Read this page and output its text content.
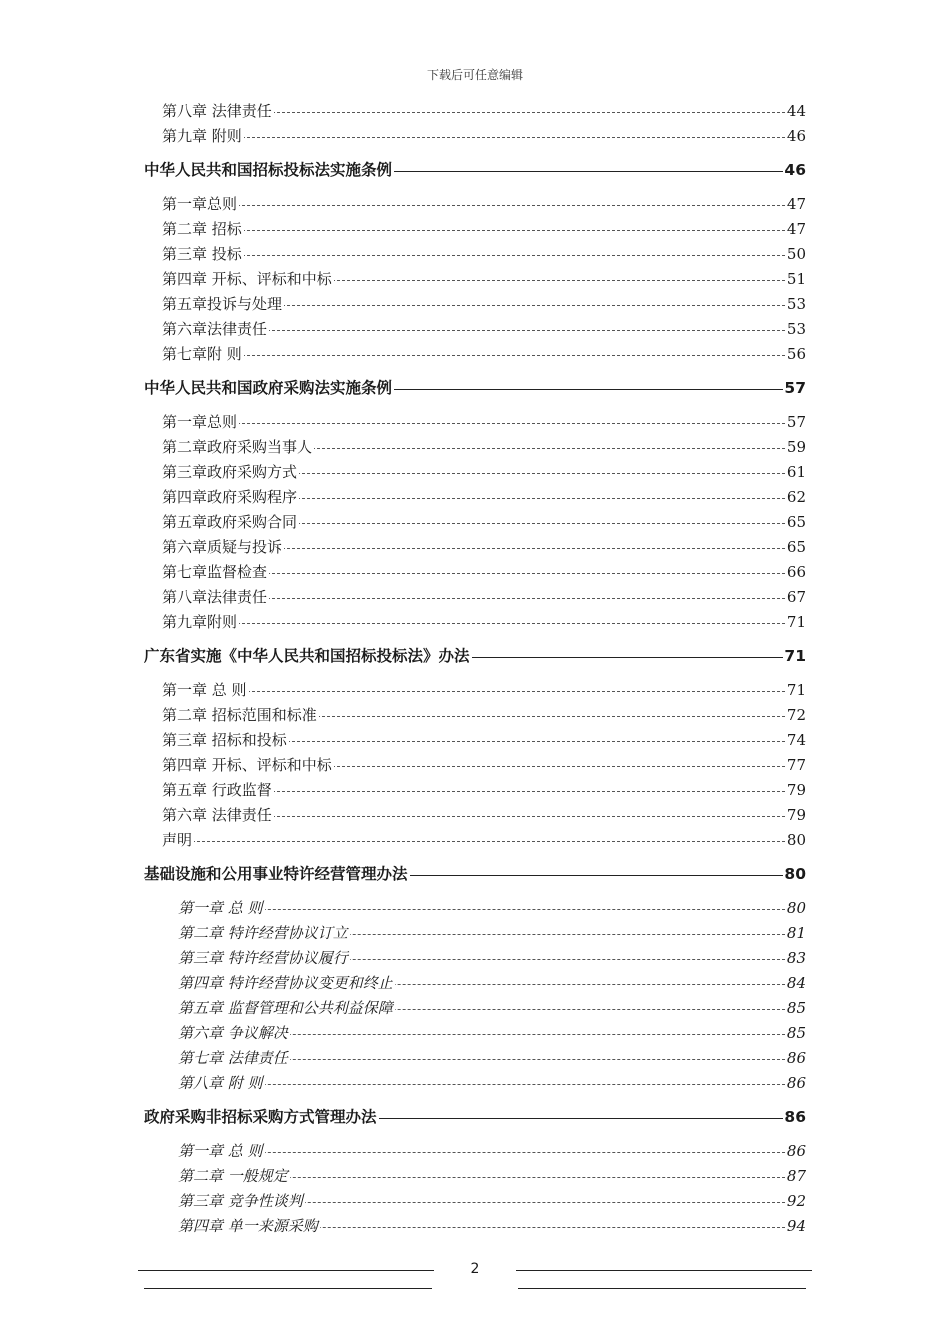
下载后可任意编辑
第八章 法律责任	44
第九章 附则	46
中华人民共和国招标投标法实施条例	46
第一章总则	47
第二章 招标	47
第三章 投标	50
第四章 开标、评标和中标	51
第五章投诉与处理	53
第六章法律责任	53
第七章附 则	56
中华人民共和国政府采购法实施条例	57
第一章总则	57
第二章政府采购当事人	59
第三章政府采购方式	61
第四章政府采购程序	62
第五章政府采购合同	65
第六章质疑与投诉	65
第七章监督检查	66
第八章法律责任	67
第九章附则	71
广东省实施《中华人民共和国招标投标法》办法	71
第一章 总 则	71
第二章 招标范围和标准	72
第三章 招标和投标	74
第四章 开标、评标和中标	77
第五章 行政监督	79
第六章 法律责任	79
声明	80
基础设施和公用事业特许经营管理办法	80
第一章 总 则	80
第二章 特许经营协议订立	81
第三章 特许经营协议履行	83
第四章 特许经营协议变更和终止	84
第五章 监督管理和公共利益保障	85
第六章 争议解决	85
第七章 法律责任	86
第八章 附 则	86
政府采购非招标采购方式管理办法	86
第一章 总 则	86
第二章 一般规定	87
第三章 竞争性谈判	92
第四章 单一来源采购	94
2
